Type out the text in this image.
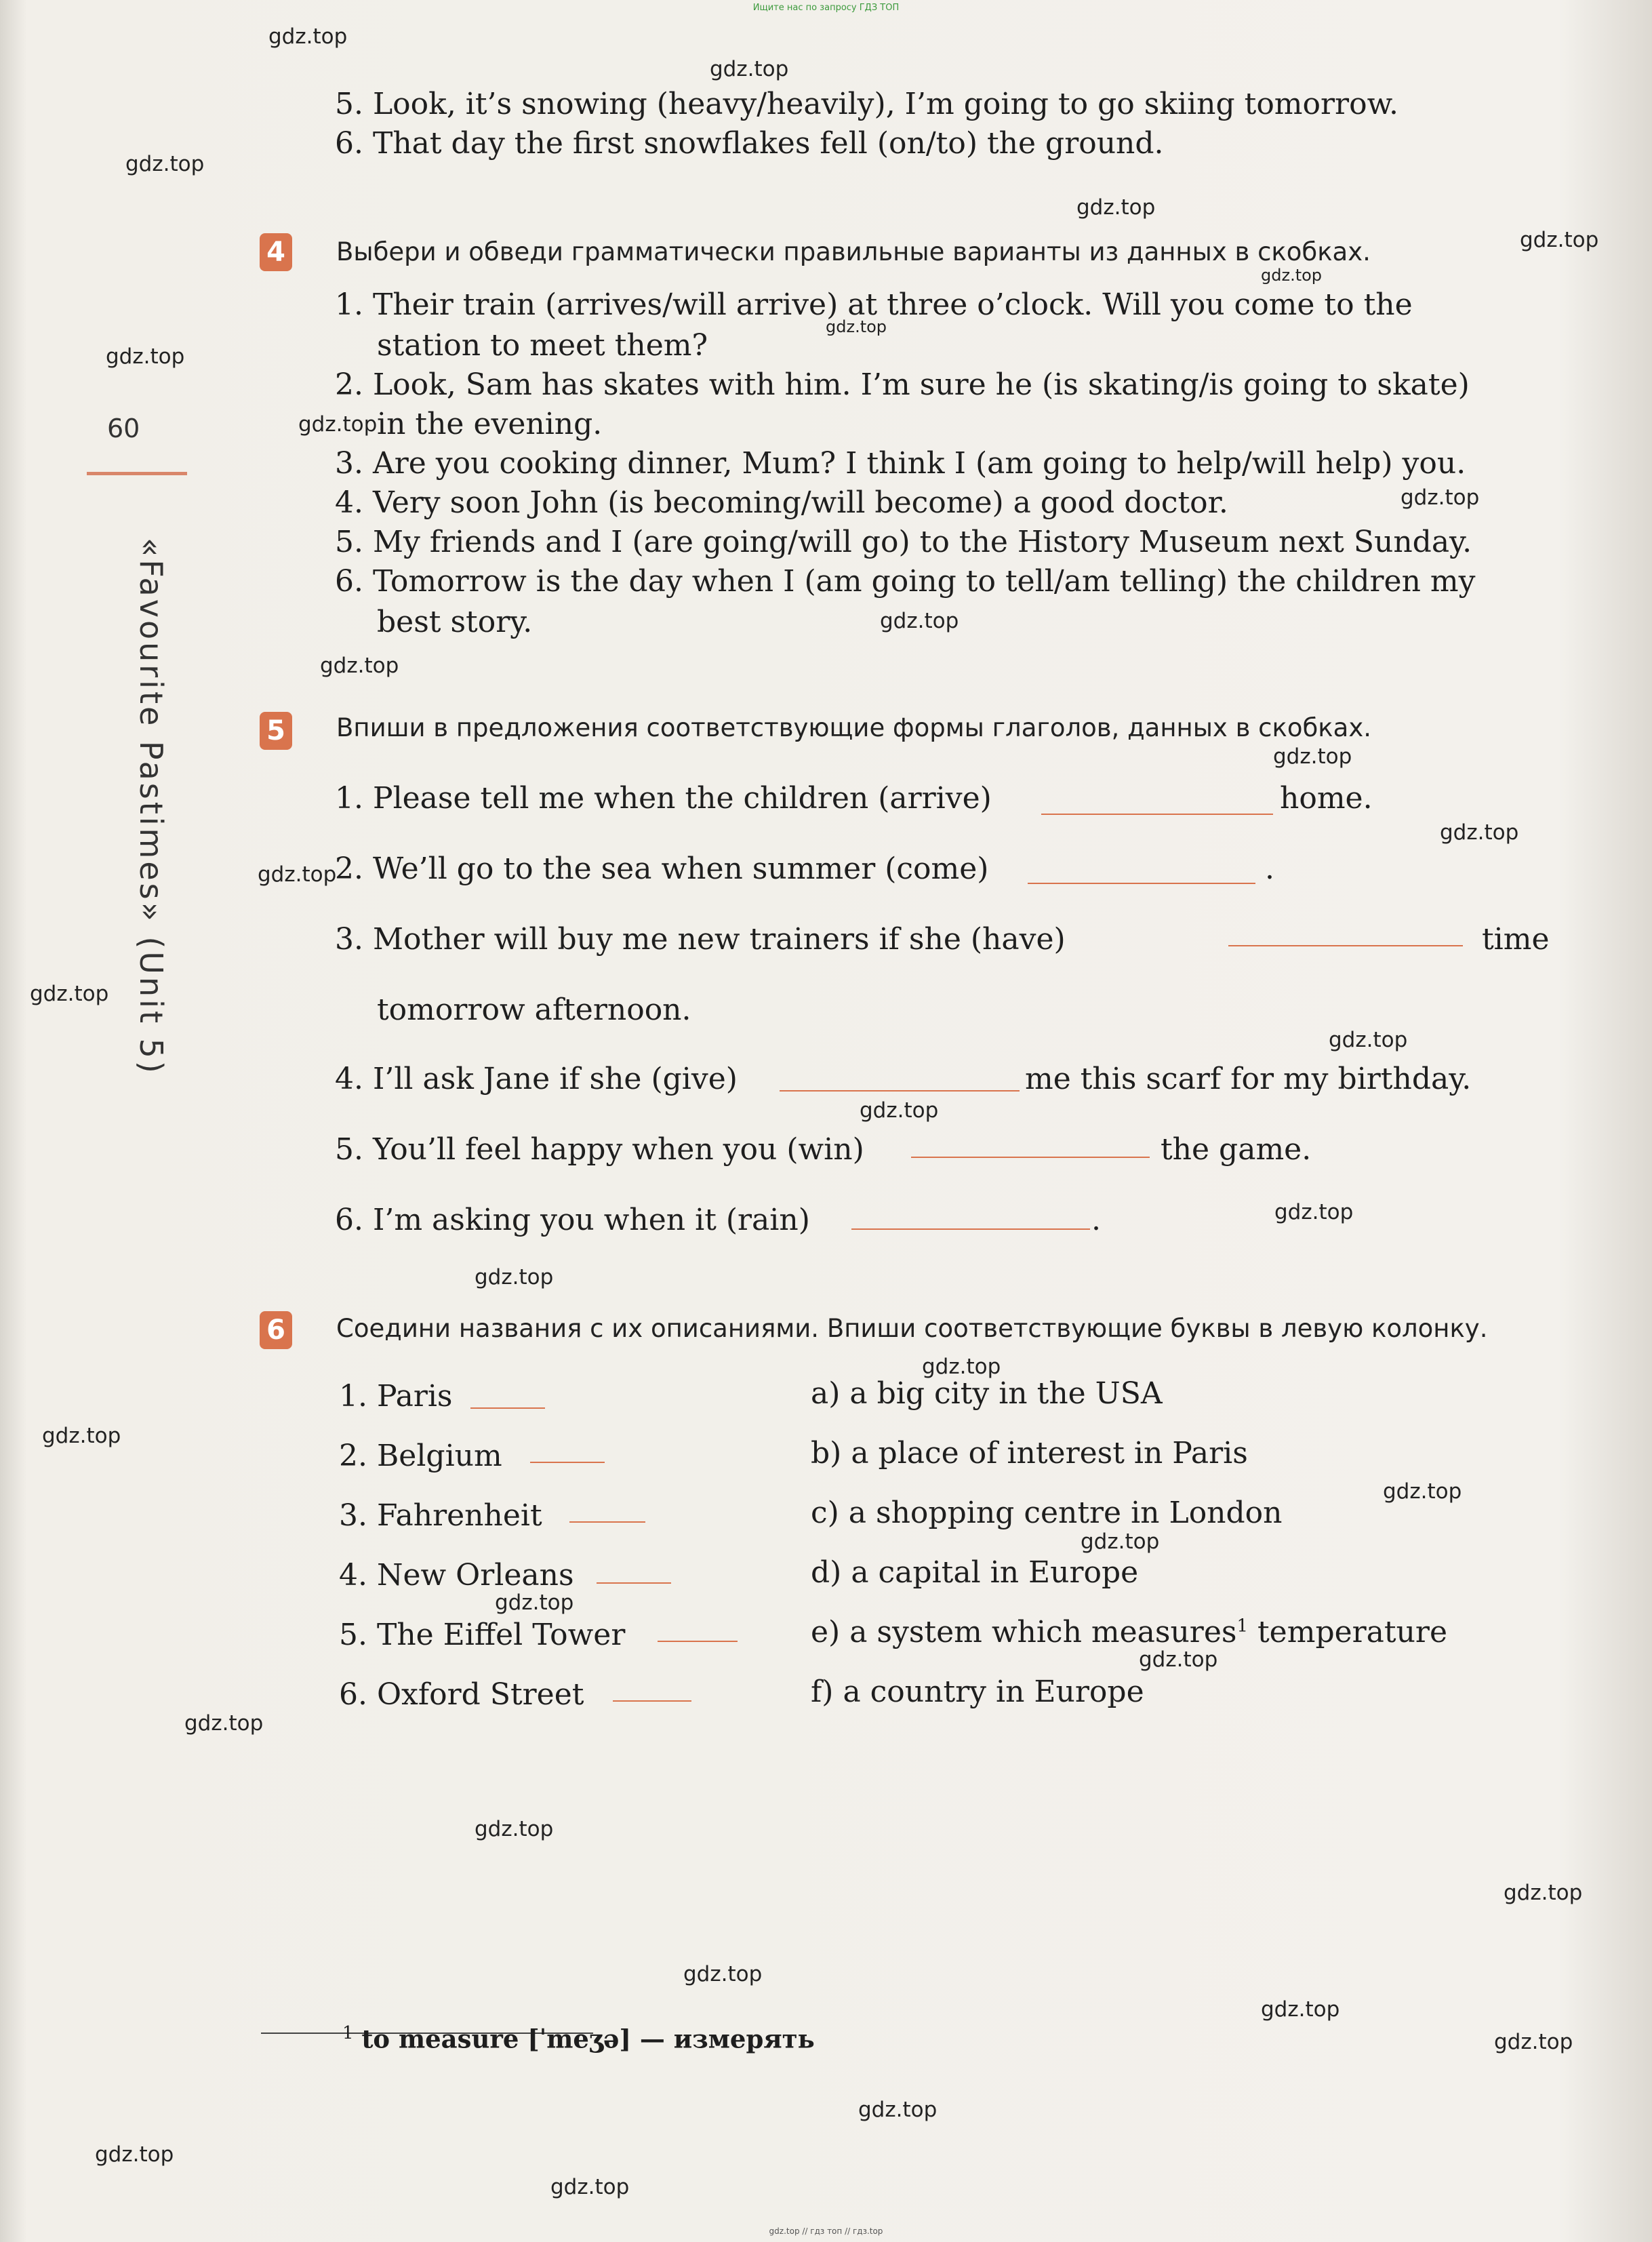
Ищите нас по запросу ГДЗ ТОП
gdz.top
gdz.top
gdz.top
gdz.top
gdz.top
gdz.top
gdz.top
gdz.top
gdz.top
gdz.top
gdz.top
gdz.top
gdz.top
gdz.top
gdz.top
gdz.top
gdz.top
gdz.top
gdz.top
gdz.top
gdz.top
gdz.top
gdz.top
gdz.top
gdz.top
gdz.top
gdz.top
gdz.top
gdz.top
gdz.top
gdz.top
gdz.top
gdz.top
gdz.top
gdz.top
60
«Favourite Pastimes» (Unit 5)
5. Look, it’s snowing (heavy/heavily), I’m going to go skiing tomorrow.
6. That day the first snowflakes fell (on/to) the ground.
4 Выбери и обведи грамматически правильные варианты из данных в скобках.
1. Their train (arrives/will arrive) at three o’clock. Will you come to the
station to meet them?
2. Look, Sam has skates with him. I’m sure he (is skating/is going to skate)
in the evening.
3. Are you cooking dinner, Mum? I think I (am going to help/will help) you.
4. Very soon John (is becoming/will become) a good doctor.
5. My friends and I (are going/will go) to the History Museum next Sunday.
6. Tomorrow is the day when I (am going to tell/am telling) the children my
best story.
5 Впиши в предложения соответствующие формы глаголов, данных в скобках.
1. Please tell me when the children (arrive)	home.
2. We’ll go to the sea when summer (come)	.
3. Mother will buy me new trainers if she (have)	time
tomorrow afternoon.
4. I’ll ask Jane if she (give)	me this scarf for my birthday.
5. You’ll feel happy when you (win)	the game.
6. I’m asking you when it (rain)	.
6 Соедини названия с их описаниями. Впиши соответствующие буквы в левую колонку.
1. Paris	a) a big city in the USA
2. Belgium	b) a place of interest in Paris
3. Fahrenheit	c) a shopping centre in London
4. New Orleans	d) a capital in Europe
5. The Eiffel Tower	e) a system which measures$^1$ temperature
6. Oxford Street	f) a country in Europe
$^1$ to measure [ˈmeʒə] — измерять
gdz.top // гдз топ // гдз.top
